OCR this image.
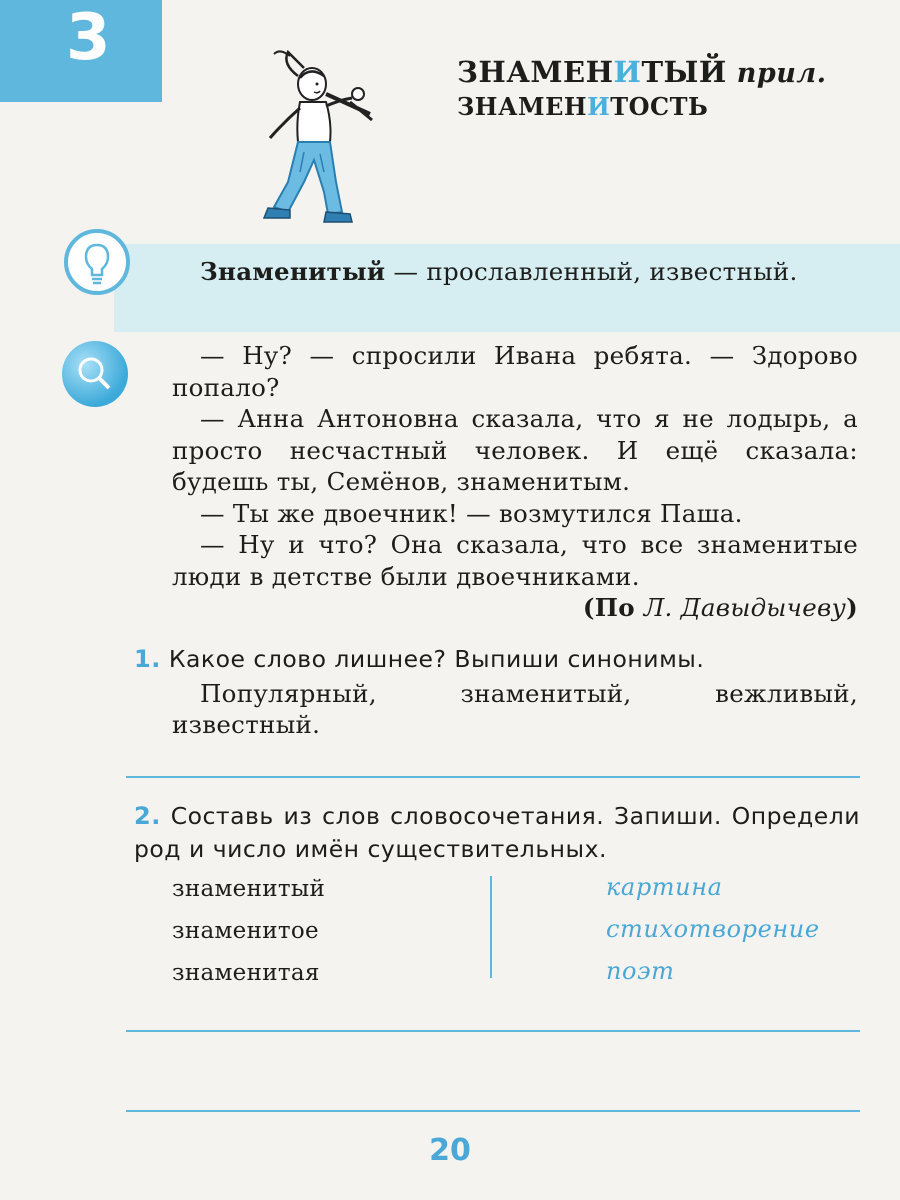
3	ЗНАМЕНИТЫЙ прил.
ЗНАМЕНИТОСТЬ

Знаменитый — прославленный, известный.

— Ну? — спросили Ивана ребята. — Здорово попало?

— Анна Антоновна сказала, что я не лодырь, а просто несчастный человек. И ещё сказала: будешь ты, Семёнов, знаменитым.

— Ты же двоечник! — возмутился Паша.

— Ну и что? Она сказала, что все знаменитые люди в детстве были двоечниками.

(По Л. Давыдычеву)

1. Какое слово лишнее? Выпиши синонимы.

Популярный, знаменитый, вежливый, известный.

2. Составь из слов словосочетания. Запиши. Определи род и число имён существительных.

знаменитый
знаменитое
знаменитая
картина
стихотворение
поэт
20
